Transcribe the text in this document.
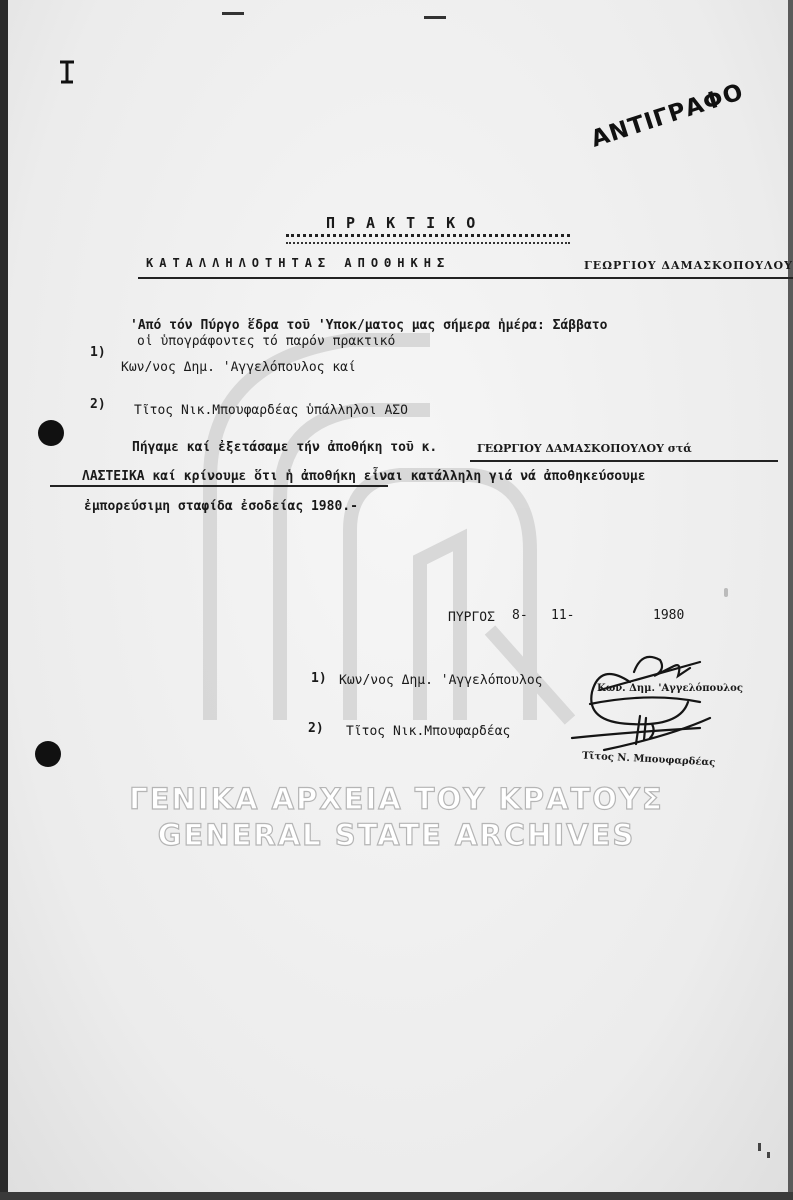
ΑΝΤΙΓΡΑΦΟ
ΠΡΑΚΤΙΚΟ
ΚΑΤΑΛΛΗΛΟΤΗΤΑΣ ΑΠΟΘΗΚΗΣ	ΓΕΩΡΓΙΟΥ ΔΑΜΑΣΚΟΠΟΥΛΟΥ
'Από τόν Πύργο ἕδρα τοῦ 'Υποκ/ματος μας σήμερα ἡμέρα: Σάββατο
οἱ ὑπογράφοντες τό παρόν πρακτικό
1)
Κων/νος Δημ. 'Αγγελόπουλος καί
2) Τῖτος Νικ.Μπουφαρδέας ὑπάλληλοι ΑΣΟ
Πήγαμε καί ἐξετάσαμε τήν ἀποθήκη τοῦ κ.	ΓΕΩΡΓΙΟΥ ΔΑΜΑΣΚΟΠΟΥΛΟΥ στά
ΛΑΣΤΕΙΚΑ καί κρίνουμε ὅτι ἡ ἀποθήκη εἶναι κατάλληλη γιά νά ἀποθηκεύσουμε
ἐμπορεύσιμη σταφίδα ἐσοδείας 1980.-
ΠΥΡΓΟΣ 8- 11-	1980
1) Κων/νος Δημ. 'Αγγελόπουλος
2) Τῖτος Νικ.Μπουφαρδέας
Κων. Δημ. 'Αγγελόπουλος
Τῖτος Ν. Μπουφαρδέας
ΓΕΝΙΚΑ ΑΡΧΕΙΑ ΤΟΥ ΚΡΑΤΟΥΣ
GENERAL STATE ARCHIVES
